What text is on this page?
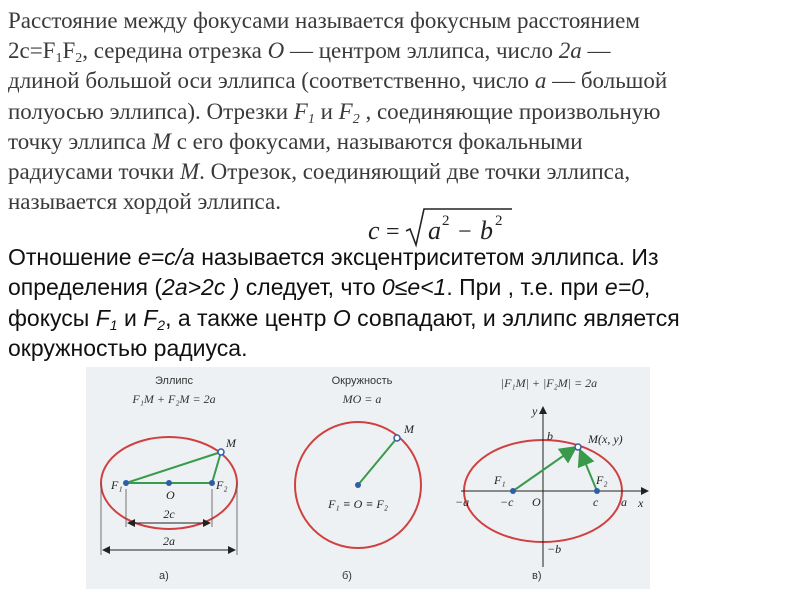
Расстояние между фокусами называется фокусным расстоянием
$2c=F_1F_2$, середина отрезка O — центром эллипса, число 2a —
длиной большой оси эллипса (соответственно, число a — большой
полуосью эллипса). Отрезки $F_1$ и $F_2$ , соединяющие произвольную
точку эллипса M с его фокусами, называются фокальными
радиусами точки M. Отрезок, соединяющий две точки эллипса,
называется хордой эллипса.
c = a 2 − b 2
Отношение e=c/a называется эксцентриситетом эллипса. Из
определения (2a>2c ) следует, что 0≤e<1. При , т.е. при e=0,
фокусы $F_1$ и $F_2$, а также центр O совпадают, и эллипс является
окружностью радиуса.
Эллипс
F₁M + F₂M = 2a
F₁	F₂
O
M
2c
2a
а)
Окружность
MO = a
M
F₁ ≡ O ≡ F₂
б)
|F₁M| + |F₂M| = 2a
y
x
M(x, y)
F₁	F₂
b
−b
−a	a
−c	c
O
в)
